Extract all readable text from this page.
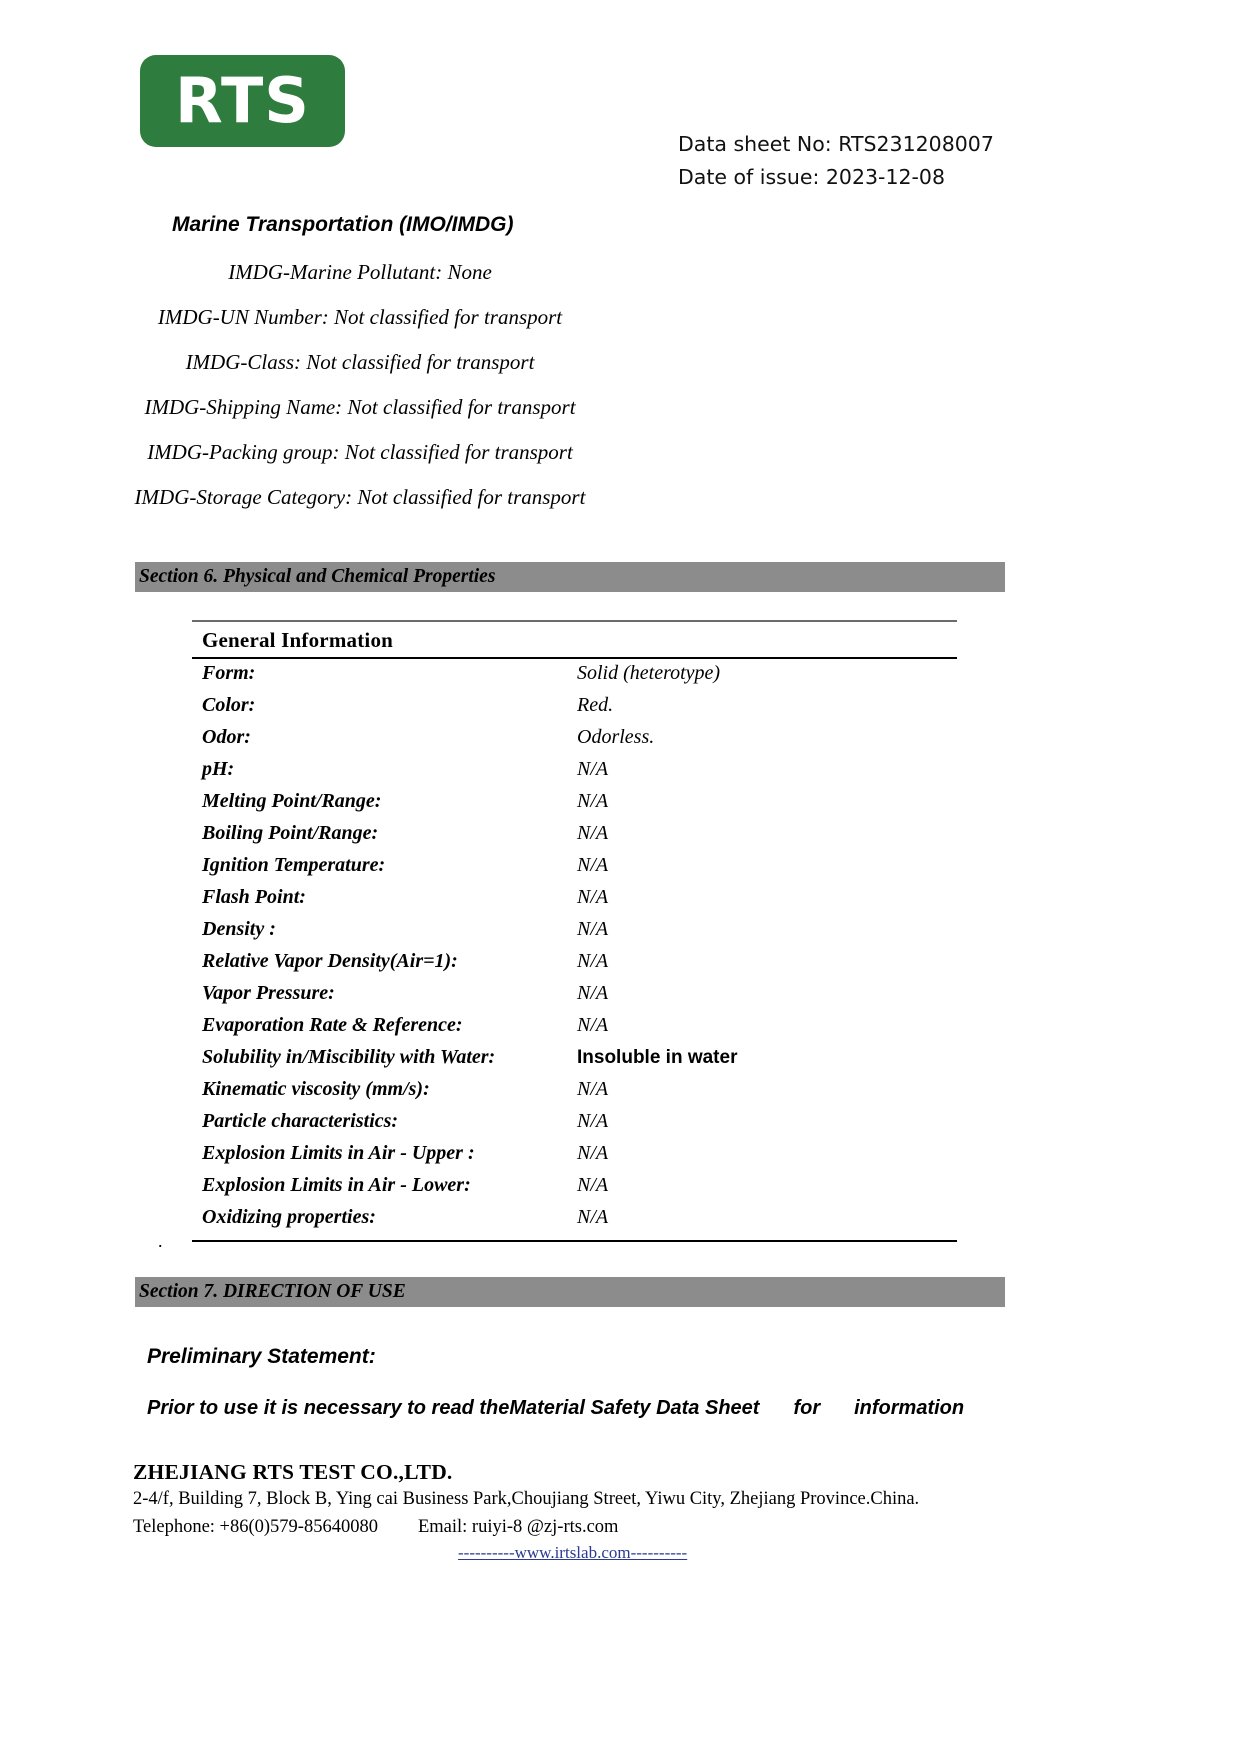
RTS
Data sheet No: RTS231208007
Date of issue: 2023-12-08
Marine Transportation (IMO/IMDG)
IMDG-Marine Pollutant: None
IMDG-UN Number: Not classified for transport
IMDG-Class: Not classified for transport
IMDG-Shipping Name: Not classified for transport
IMDG-Packing group: Not classified for transport
IMDG-Storage Category: Not classified for transport
Section 6. Physical and Chemical Properties
General Information
Form:	Solid (heterotype)
Color:	Red.
Odor:	Odorless.
pH:	N/A
Melting Point/Range:	N/A
Boiling Point/Range:	N/A
Ignition Temperature:	N/A
Flash Point:	N/A
Density :	N/A
Relative Vapor Density(Air=1):	N/A
Vapor Pressure:	N/A
Evaporation Rate & Reference:	N/A
Solubility in/Miscibility with Water:	Insoluble in water
Kinematic viscosity (mm/s):	N/A
Particle characteristics:	N/A
Explosion Limits in Air - Upper :	N/A
Explosion Limits in Air - Lower:	N/A
Oxidizing properties:	N/A
.
Section 7. DIRECTION OF USE
Preliminary Statement:
Prior to use it is necessary to read theMaterial Safety Data Sheet for information
ZHEJIANG RTS TEST CO.,LTD.
2-4/f, Building 7, Block B, Ying cai Business Park,Choujiang Street, Yiwu City, Zhejiang Province.China.
Telephone: +86(0)579-85640080 Email: ruiyi-8 @zj-rts.com
----------www.irtslab.com----------
